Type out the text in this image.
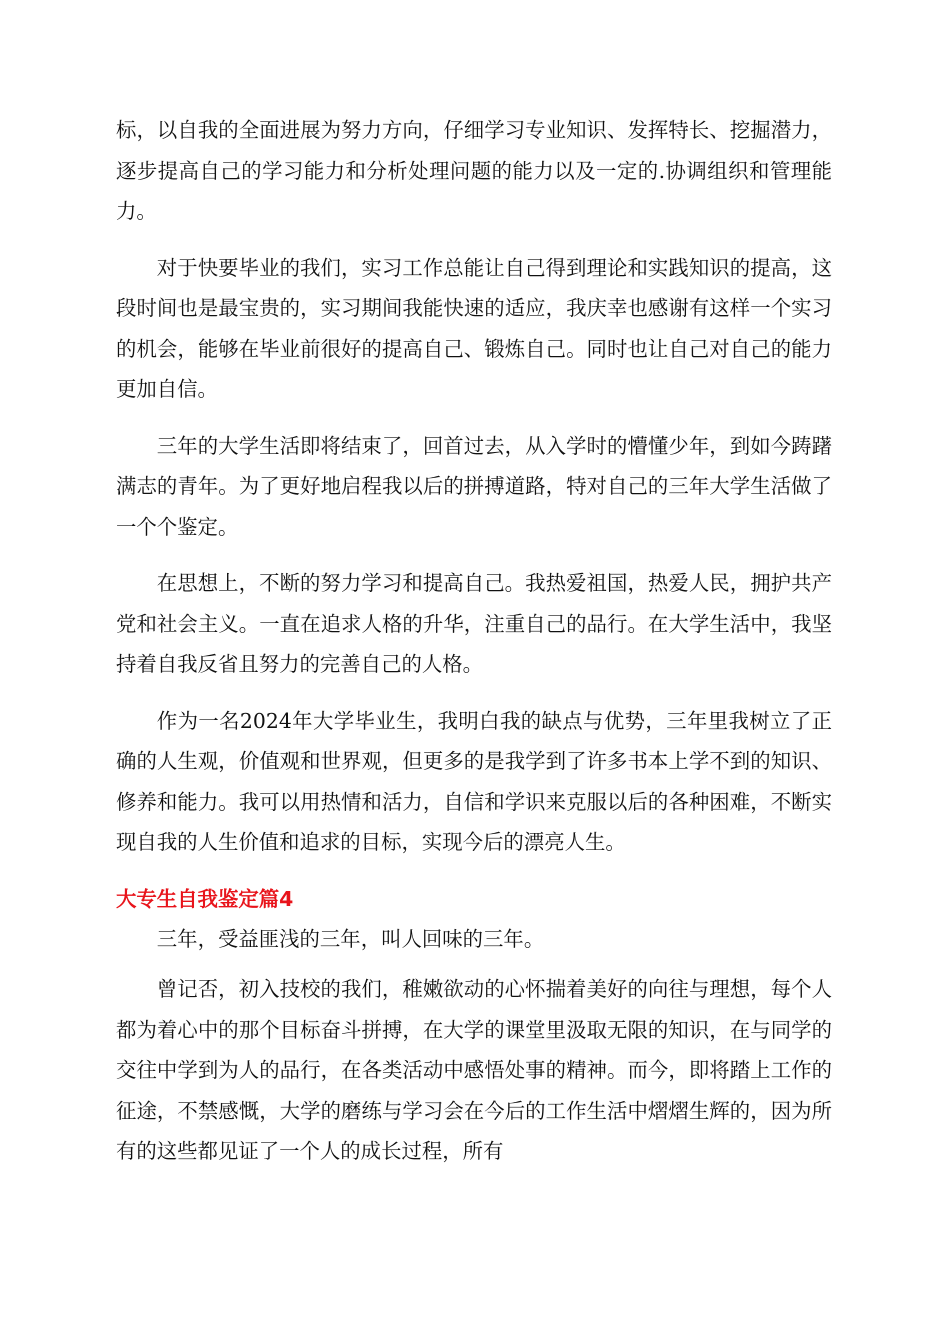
标，以自我的全面进展为努力方向，仔细学习专业知识、发挥特长、挖掘潜力，逐步提高自己的学习能力和分析处理问题的能力以及一定的.协调组织和管理能力。

对于快要毕业的我们，实习工作总能让自己得到理论和实践知识的提高，这段时间也是最宝贵的，实习期间我能快速的适应，我庆幸也感谢有这样一个实习的机会，能够在毕业前很好的提高自己、锻炼自己。同时也让自己对自己的能力更加自信。

三年的大学生活即将结束了，回首过去，从入学时的懵懂少年，到如今踌躇满志的青年。为了更好地启程我以后的拼搏道路，特对自己的三年大学生活做了一个个鉴定。

在思想上，不断的努力学习和提高自己。我热爱祖国，热爱人民，拥护共产党和社会主义。一直在追求人格的升华，注重自己的品行。在大学生活中，我坚持着自我反省且努力的完善自己的人格。

作为一名2024年大学毕业生，我明白我的缺点与优势，三年里我树立了正确的人生观，价值观和世界观，但更多的是我学到了许多书本上学不到的知识、修养和能力。我可以用热情和活力，自信和学识来克服以后的各种困难，不断实现自我的人生价值和追求的目标，实现今后的漂亮人生。

大专生自我鉴定篇4

三年，受益匪浅的三年，叫人回味的三年。

曾记否，初入技校的我们，稚嫩欲动的心怀揣着美好的向往与理想，每个人都为着心中的那个目标奋斗拼搏，在大学的课堂里汲取无限的知识，在与同学的交往中学到为人的品行，在各类活动中感悟处事的精神。而今，即将踏上工作的征途，不禁感慨，大学的磨练与学习会在今后的工作生活中熠熠生辉的，因为所有的这些都见证了一个人的成长过程，所有
